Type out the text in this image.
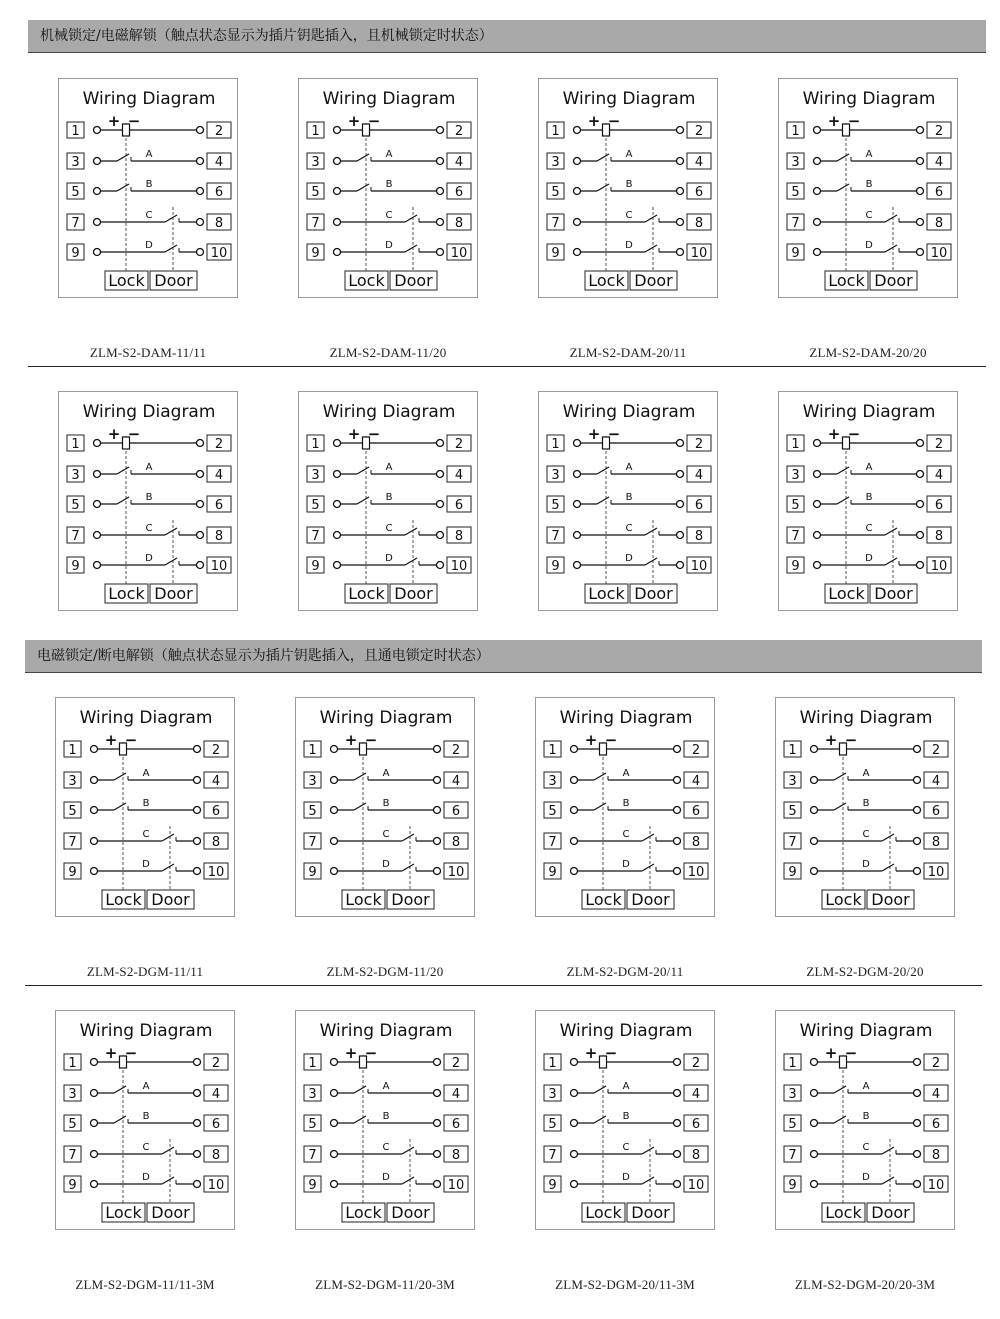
机械锁定/电磁解锁（触点状态显示为插片钥匙插入，且机械锁定时状态）
Wiring Diagram
1	2
+ −
3	4
A
5	6
B
7	8
C
9	10
D
Lock Door
ZLM-S2-DAM-11/11
Wiring Diagram
1	2
+ −
3	4
A
5	6
B
7	8
C
9	10
D
Lock Door
ZLM-S2-DAM-11/20
Wiring Diagram
1	2
+ −
3	4
A
5	6
B
7	8
C
9	10
D
Lock Door
ZLM-S2-DAM-20/11
Wiring Diagram
1	2
+ −
3	4
A
5	6
B
7	8
C
9	10
D
Lock Door
ZLM-S2-DAM-20/20
Wiring Diagram
1	2
+ −
3	4
A
5	6
B
7	8
C
9	10
D
Lock Door
Wiring Diagram
1	2
+ −
3	4
A
5	6
B
7	8
C
9	10
D
Lock Door
Wiring Diagram
1	2
+ −
3	4
A
5	6
B
7	8
C
9	10
D
Lock Door
Wiring Diagram
1	2
+ −
3	4
A
5	6
B
7	8
C
9	10
D
Lock Door
电磁锁定/断电解锁（触点状态显示为插片钥匙插入，且通电锁定时状态）
Wiring Diagram
1	2
+ −
3	4
A
5	6
B
7	8
C
9	10
D
Lock Door
ZLM-S2-DGM-11/11
Wiring Diagram
1	2
+ −
3	4
A
5	6
B
7	8
C
9	10
D
Lock Door
ZLM-S2-DGM-11/20
Wiring Diagram
1	2
+ −
3	4
A
5	6
B
7	8
C
9	10
D
Lock Door
ZLM-S2-DGM-20/11
Wiring Diagram
1	2
+ −
3	4
A
5	6
B
7	8
C
9	10
D
Lock Door
ZLM-S2-DGM-20/20
Wiring Diagram
1	2
+ −
3	4
A
5	6
B
7	8
C
9	10
D
Lock Door
ZLM-S2-DGM-11/11-3M
Wiring Diagram
1	2
+ −
3	4
A
5	6
B
7	8
C
9	10
D
Lock Door
ZLM-S2-DGM-11/20-3M
Wiring Diagram
1	2
+ −
3	4
A
5	6
B
7	8
C
9	10
D
Lock Door
ZLM-S2-DGM-20/11-3M
Wiring Diagram
1	2
+ −
3	4
A
5	6
B
7	8
C
9	10
D
Lock Door
ZLM-S2-DGM-20/20-3M
